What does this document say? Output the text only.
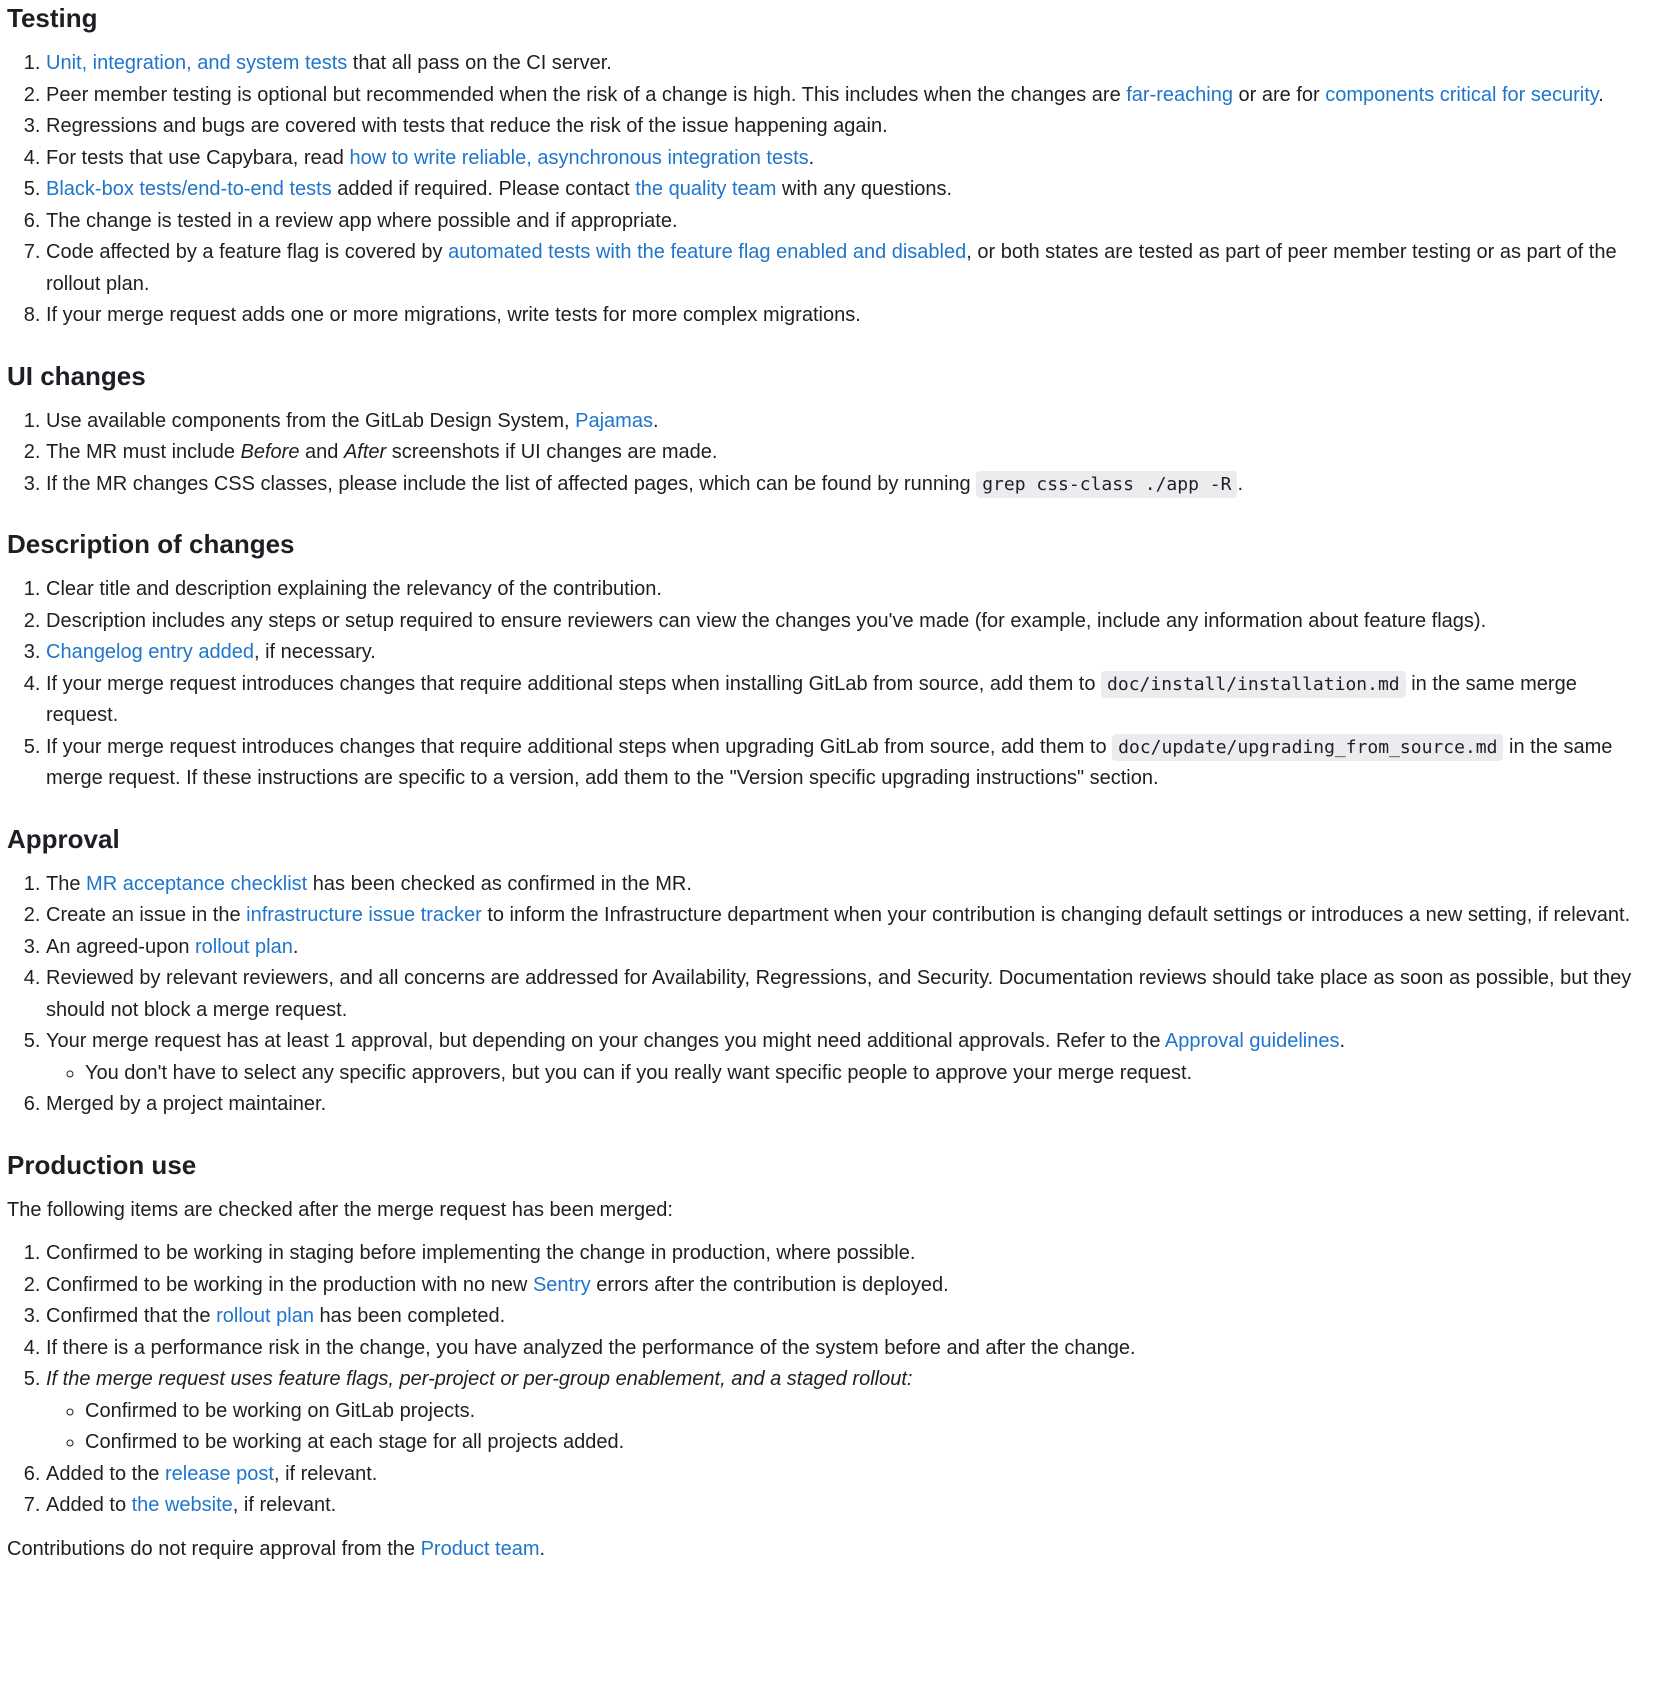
Testing
1. Unit, integration, and system tests that all pass on the CI server.
2. Peer member testing is optional but recommended when the risk of a change is high. This includes when the changes are far-reaching or are for components critical for security.
3. Regressions and bugs are covered with tests that reduce the risk of the issue happening again.
4. For tests that use Capybara, read how to write reliable, asynchronous integration tests.
5. Black-box tests/end-to-end tests added if required. Please contact the quality team with any questions.
6. The change is tested in a review app where possible and if appropriate.
7. Code affected by a feature flag is covered by automated tests with the feature flag enabled and disabled, or both states are tested as part of peer member testing or as part of the rollout plan.
8. If your merge request adds one or more migrations, write tests for more complex migrations.
UI changes
1. Use available components from the GitLab Design System, Pajamas.
2. The MR must include Before and After screenshots if UI changes are made.
3. If the MR changes CSS classes, please include the list of affected pages, which can be found by running grep css-class ./app -R .
Description of changes
1. Clear title and description explaining the relevancy of the contribution.
2. Description includes any steps or setup required to ensure reviewers can view the changes you've made (for example, include any information about feature flags).
3. Changelog entry added, if necessary.
4. If your merge request introduces changes that require additional steps when installing GitLab from source, add them to doc/install/installation.md in the same merge request.
5. If your merge request introduces changes that require additional steps when upgrading GitLab from source, add them to doc/update/upgrading_from_source.md in the same merge request. If these instructions are specific to a version, add them to the "Version specific upgrading instructions" section.
Approval
1. The MR acceptance checklist has been checked as confirmed in the MR.
2. Create an issue in the infrastructure issue tracker to inform the Infrastructure department when your contribution is changing default settings or introduces a new setting, if relevant.
3. An agreed-upon rollout plan.
4. Reviewed by relevant reviewers, and all concerns are addressed for Availability, Regressions, and Security. Documentation reviews should take place as soon as possible, but they should not block a merge request.
5. Your merge request has at least 1 approval, but depending on your changes you might need additional approvals. Refer to the Approval guidelines.
◦ You don't have to select any specific approvers, but you can if you really want specific people to approve your merge request.
6. Merged by a project maintainer.
Production use

The following items are checked after the merge request has been merged:

1. Confirmed to be working in staging before implementing the change in production, where possible.
2. Confirmed to be working in the production with no new Sentry errors after the contribution is deployed.
3. Confirmed that the rollout plan has been completed.
4. If there is a performance risk in the change, you have analyzed the performance of the system before and after the change.
5. If the merge request uses feature flags, per-project or per-group enablement, and a staged rollout:
◦ Confirmed to be working on GitLab projects.
◦ Confirmed to be working at each stage for all projects added.
6. Added to the release post, if relevant.
7. Added to the website, if relevant.

Contributions do not require approval from the Product team.
